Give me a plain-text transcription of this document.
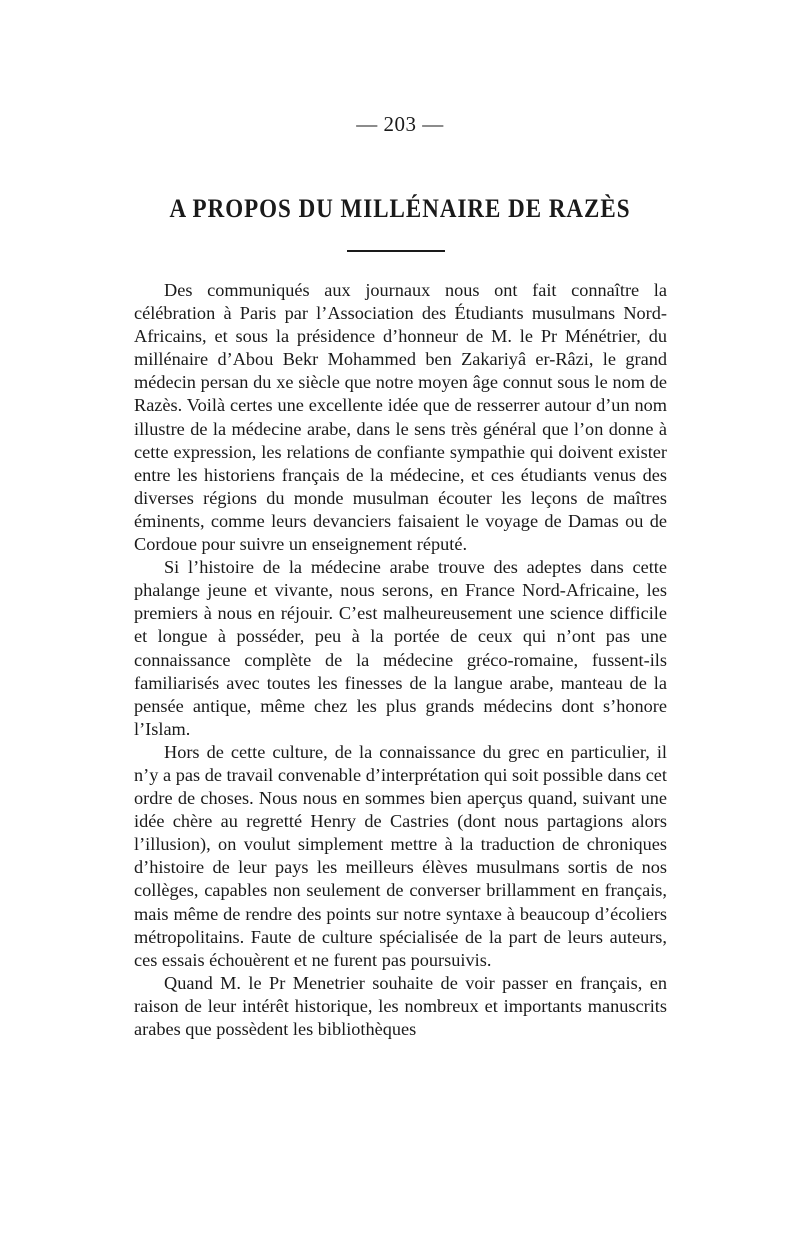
— 203 —
A PROPOS DU MILLÉNAIRE DE RAZÈS

Des communiqués aux journaux nous ont fait connaître la célébration à Paris par l’Association des Étudiants musulmans Nord-Africains, et sous la présidence d’honneur de M. le Pr Ménétrier, du millénaire d’Abou Bekr Mohammed ben Zakariyâ er-Râzi, le grand médecin persan du xe siècle que notre moyen âge connut sous le nom de Razès. Voilà certes une excellente idée que de resserrer autour d’un nom illustre de la médecine arabe, dans le sens très général que l’on donne à cette expression, les relations de confiante sympathie qui doivent exister entre les historiens français de la médecine, et ces étudiants venus des diverses régions du monde musulman écouter les leçons de maîtres éminents, comme leurs devanciers faisaient le voyage de Damas ou de Cordoue pour suivre un enseignement réputé.

Si l’histoire de la médecine arabe trouve des adeptes dans cette phalange jeune et vivante, nous serons, en France Nord-Africaine, les premiers à nous en réjouir. C’est malheureusement une science difficile et longue à posséder, peu à la portée de ceux qui n’ont pas une connaissance complète de la médecine gréco-romaine, fussent-ils familiarisés avec toutes les finesses de la langue arabe, manteau de la pensée antique, même chez les plus grands médecins dont s’honore l’Islam.

Hors de cette culture, de la connaissance du grec en particulier, il n’y a pas de travail convenable d’interprétation qui soit possible dans cet ordre de choses. Nous nous en sommes bien aperçus quand, suivant une idée chère au regretté Henry de Castries (dont nous partagions alors l’illusion), on voulut simplement mettre à la traduction de chroniques d’histoire de leur pays les meilleurs élèves musulmans sortis de nos collèges, capables non seulement de converser brillamment en français, mais même de rendre des points sur notre syntaxe à beaucoup d’écoliers métropolitains. Faute de culture spécialisée de la part de leurs auteurs, ces essais échouèrent et ne furent pas poursuivis.

Quand M. le Pr Menetrier souhaite de voir passer en français, en raison de leur intérêt historique, les nombreux et importants manuscrits arabes que possèdent les bibliothèques
